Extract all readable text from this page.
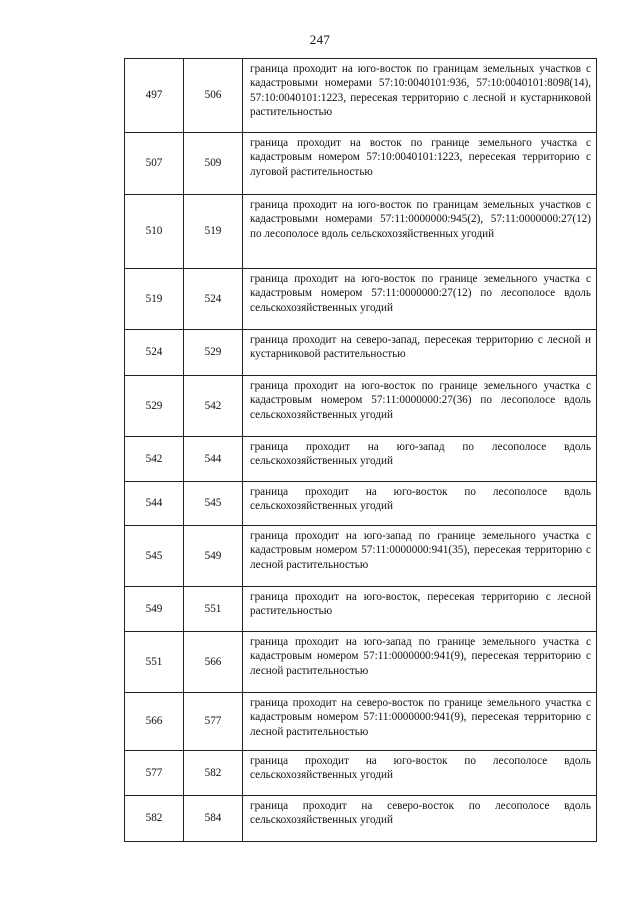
247
497	506	граница проходит на юго-восток по границам земельных участков с кадастровыми номерами 57:10:0040101:936, 57:10:0040101:8098(14), 57:10:0040101:1223, пересекая территорию с лесной и кустарниковой растительностью
507	509	граница проходит на восток по границе земельного участка с кадастровым номером 57:10:0040101:1223, пересекая территорию с луговой растительностью
510	519	граница проходит на юго-восток по границам земельных участков с кадастровыми номерами 57:11:0000000:945(2), 57:11:0000000:27(12) по лесополосе вдоль сельскохозяйственных угодий
519	524	граница проходит на юго-восток по границе земельного участка с кадастровым номером 57:11:0000000:27(12) по лесополосе вдоль сельскохозяйственных угодий
524	529	граница проходит на северо-запад, пересекая территорию с лесной и кустарниковой растительностью
529	542	граница проходит на юго-восток по границе земельного участка с кадастровым номером 57:11:0000000:27(36) по лесополосе вдоль сельскохозяйственных угодий
542	544	граница проходит на юго-запад по лесополосе вдоль сельскохозяйственных угодий
544	545	граница проходит на юго-восток по лесополосе вдоль сельскохозяйственных угодий
545	549	граница проходит на юго-запад по границе земельного участка с кадастровым номером 57:11:0000000:941(35), пересекая территорию с лесной растительностью
549	551	граница проходит на юго-восток, пересекая территорию с лесной растительностью
551	566	граница проходит на юго-запад по границе земельного участка с кадастровым номером 57:11:0000000:941(9), пересекая территорию с лесной растительностью
566	577	граница проходит на северо-восток по границе земельного участка с кадастровым номером 57:11:0000000:941(9), пересекая территорию с лесной растительностью
577	582	граница проходит на юго-восток по лесополосе вдоль сельскохозяйственных угодий
582	584	граница проходит на северо-восток по лесополосе вдоль сельскохозяйственных угодий
